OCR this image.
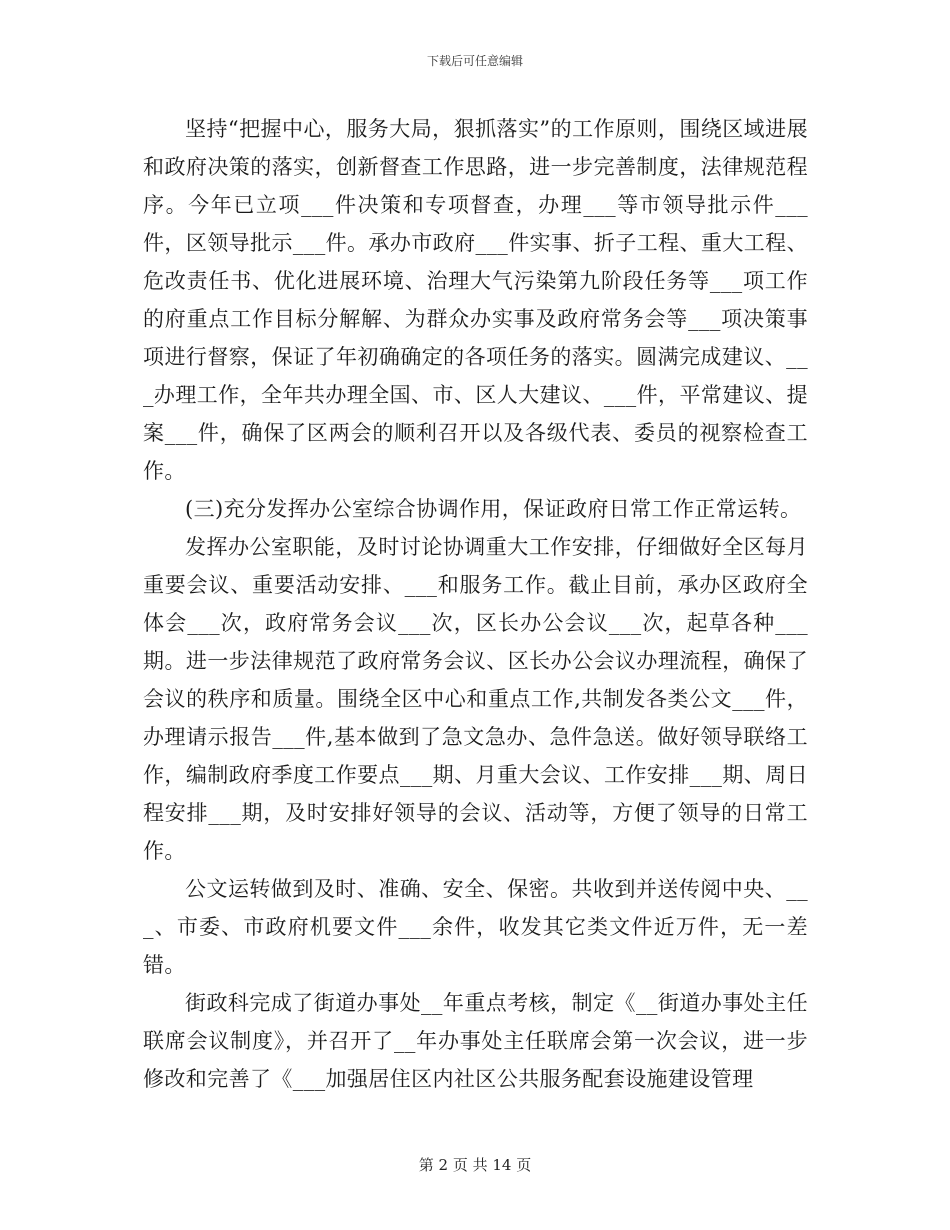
下载后可任意编辑

坚持“把握中心，服务大局，狠抓落实”的工作原则，围绕区域进展和政府决策的落实，创新督查工作思路，进一步完善制度，法律规范程序。今年已立项___件决策和专项督查，办理___等市领导批示件___件，区领导批示___件。承办市政府___件实事、折子工程、重大工程、危改责任书、优化进展环境、治理大气污染第九阶段任务等___项工作的府重点工作目标分解解、为群众办实事及政府常务会等___项决策事项进行督察，保证了年初确确定的各项任务的落实。圆满完成建议、___办理工作，全年共办理全国、市、区人大建议、___件，平常建议、提案___件，确保了区两会的顺利召开以及各级代表、委员的视察检查工作。

(三)充分发挥办公室综合协调作用，保证政府日常工作正常运转。

发挥办公室职能，及时讨论协调重大工作安排，仔细做好全区每月重要会议、重要活动安排、___和服务工作。截止目前，承办区政府全体会___次，政府常务会议___次，区长办公会议___次，起草各种___期。进一步法律规范了政府常务会议、区长办公会议办理流程，确保了会议的秩序和质量。围绕全区中心和重点工作,共制发各类公文___件，办理请示报告___件,基本做到了急文急办、急件急送。做好领导联络工作，编制政府季度工作要点___期、月重大会议、工作安排___期、周日程安排___期，及时安排好领导的会议、活动等，方便了领导的日常工作。

公文运转做到及时、准确、安全、保密。共收到并送传阅中央、___、市委、市政府机要文件___余件，收发其它类文件近万件，无一差错。

街政科完成了街道办事处__年重点考核，制定《__街道办事处主任联席会议制度》，并召开了__年办事处主任联席会第一次会议，进一步修改和完善了《___加强居住区内社区公共服务配套设施建设管理

第 2 页 共 14 页
